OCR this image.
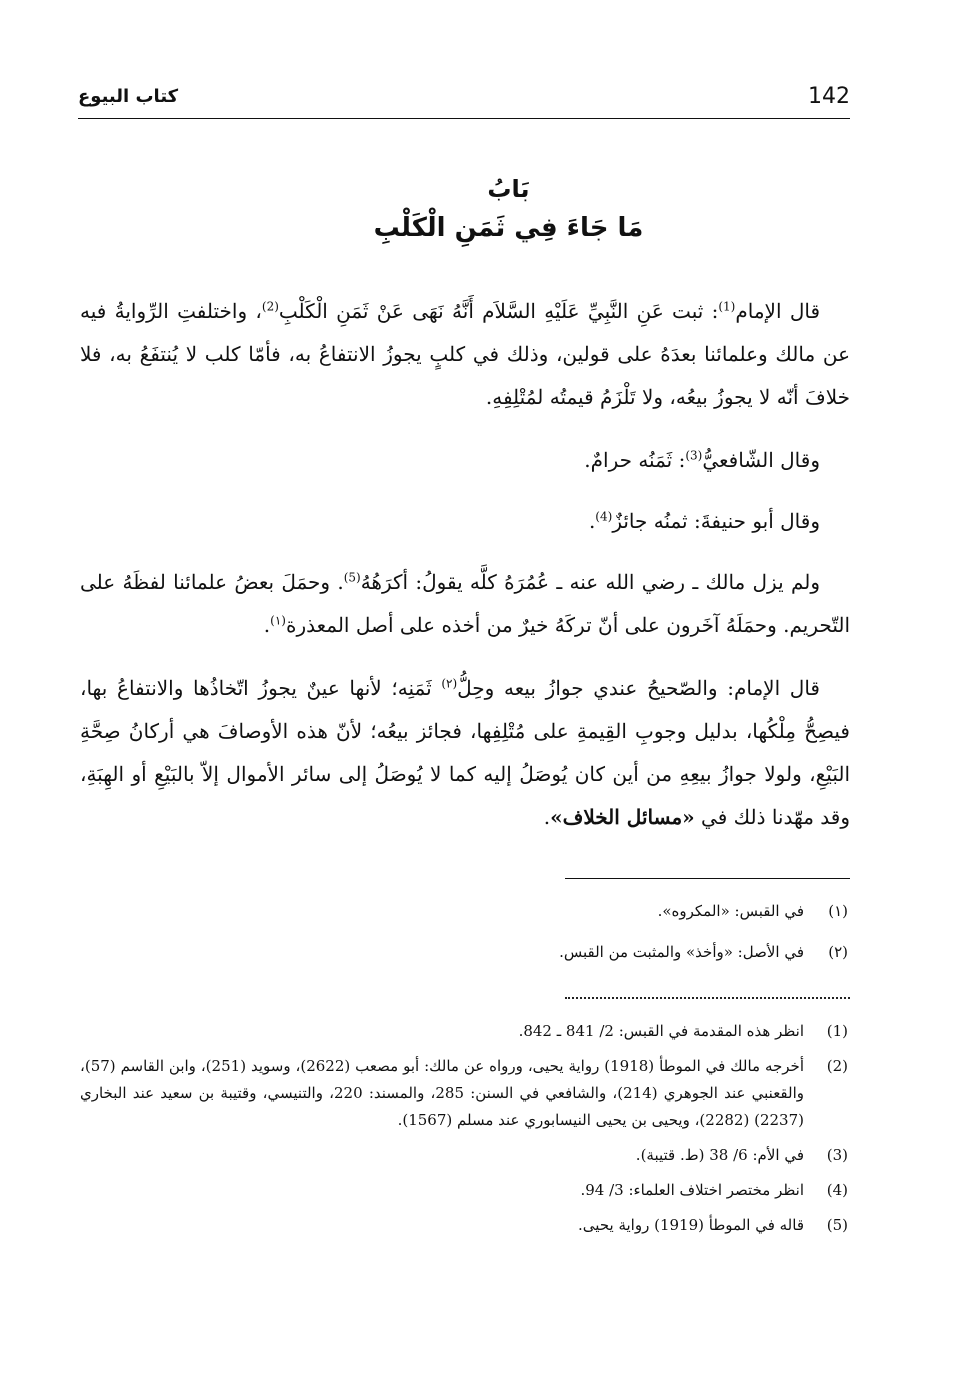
142
كتاب البيوع
بَابُ
مَا جَاءَ فِي ثَمَنِ الْكَلْبِ

قال الإمام$^{(1)}$: ثبت عَنِ النَّبِيِّ عَلَيْهِ السَّلاَم أَنَّهُ نَهَى عَنْ ثَمَنِ الْكَلْبِ$^{(2)}$، واختلفتِ الرِّوايةُ فيه عن مالك وعلمائنا بعدَهُ على قولين، وذلك في كلبٍ يجوزُ الانتفاعُ به، فأمّا كلب لا يُنتفَعُ به، فلا خلافَ أنّه لا يجوزُ بيعُه، ولا تَلْزَمُ قيمتُه لمُتْلِفِهِ.

وقال الشّافعيُّ$^{(3)}$: ثَمَنُه حرامٌ.

وقال أبو حنيفةَ: ثمنُه جائزٌ$^{(4)}$.

ولم يزل مالك ـ رضي الله عنه ـ عُمُرَهُ كلَّه يقولُ: أكرَهُهُ$^{(5)}$. وحمَلَ بعضُ علمائنا لفظَهُ على التّحريم. وحمَلَهُ آخَرون على أنّ تركَهُ خيرٌ من أخذه على أصل المعذرة$^{(١)}$.

قال الإمام: والصّحيحُ عندي جوازُ بيعه وحِلُّ$^{(٢)}$ ثَمَنِه؛ لأنها عينٌ يجوزُ اتّخاذُها والانتفاعُ بها، فيصِحُّ مِلْكُها، بدليل وجوبِ القِيمةِ على مُتْلِفِها، فجائز بيعُه؛ لأنّ هذه الأوصافَ هي أركانُ صِحَّةِ البَيْعِ، ولولا جوازُ بيعِهِ من أين كان يُوصَلُ إليه كما لا يُوصَلُ إلى سائر الأموال إلاّ بالبَيْعِ أو الهِبَةِ، وقد مهّدنا ذلك في «مسائل الخلاف».

(١)
في القبس: «المكروه».
(٢)
في الأصل: «وأخذ» والمثبت من القبس.
(1)
انظر هذه المقدمة في القبس: 2/ 841 ـ 842.
(2)
أخرجه مالك في الموطأ (1918) رواية يحيى، ورواه عن مالك: أبو مصعب (2622)، وسويد (251)، وابن القاسم (57)، والقعنبي عند الجوهري (214)، والشافعي في السنن: 285، والمسند: 220، والتنيسي، وقتيبة بن سعيد عند البخاري (2237) (2282)، ويحيى بن يحيى النيسابوري عند مسلم (1567).
(3)
في الأم: 6/ 38 (ط. قتيبة).
(4)
انظر مختصر اختلاف العلماء: 3/ 94.
(5)
قاله في الموطأ (1919) رواية يحيى.
